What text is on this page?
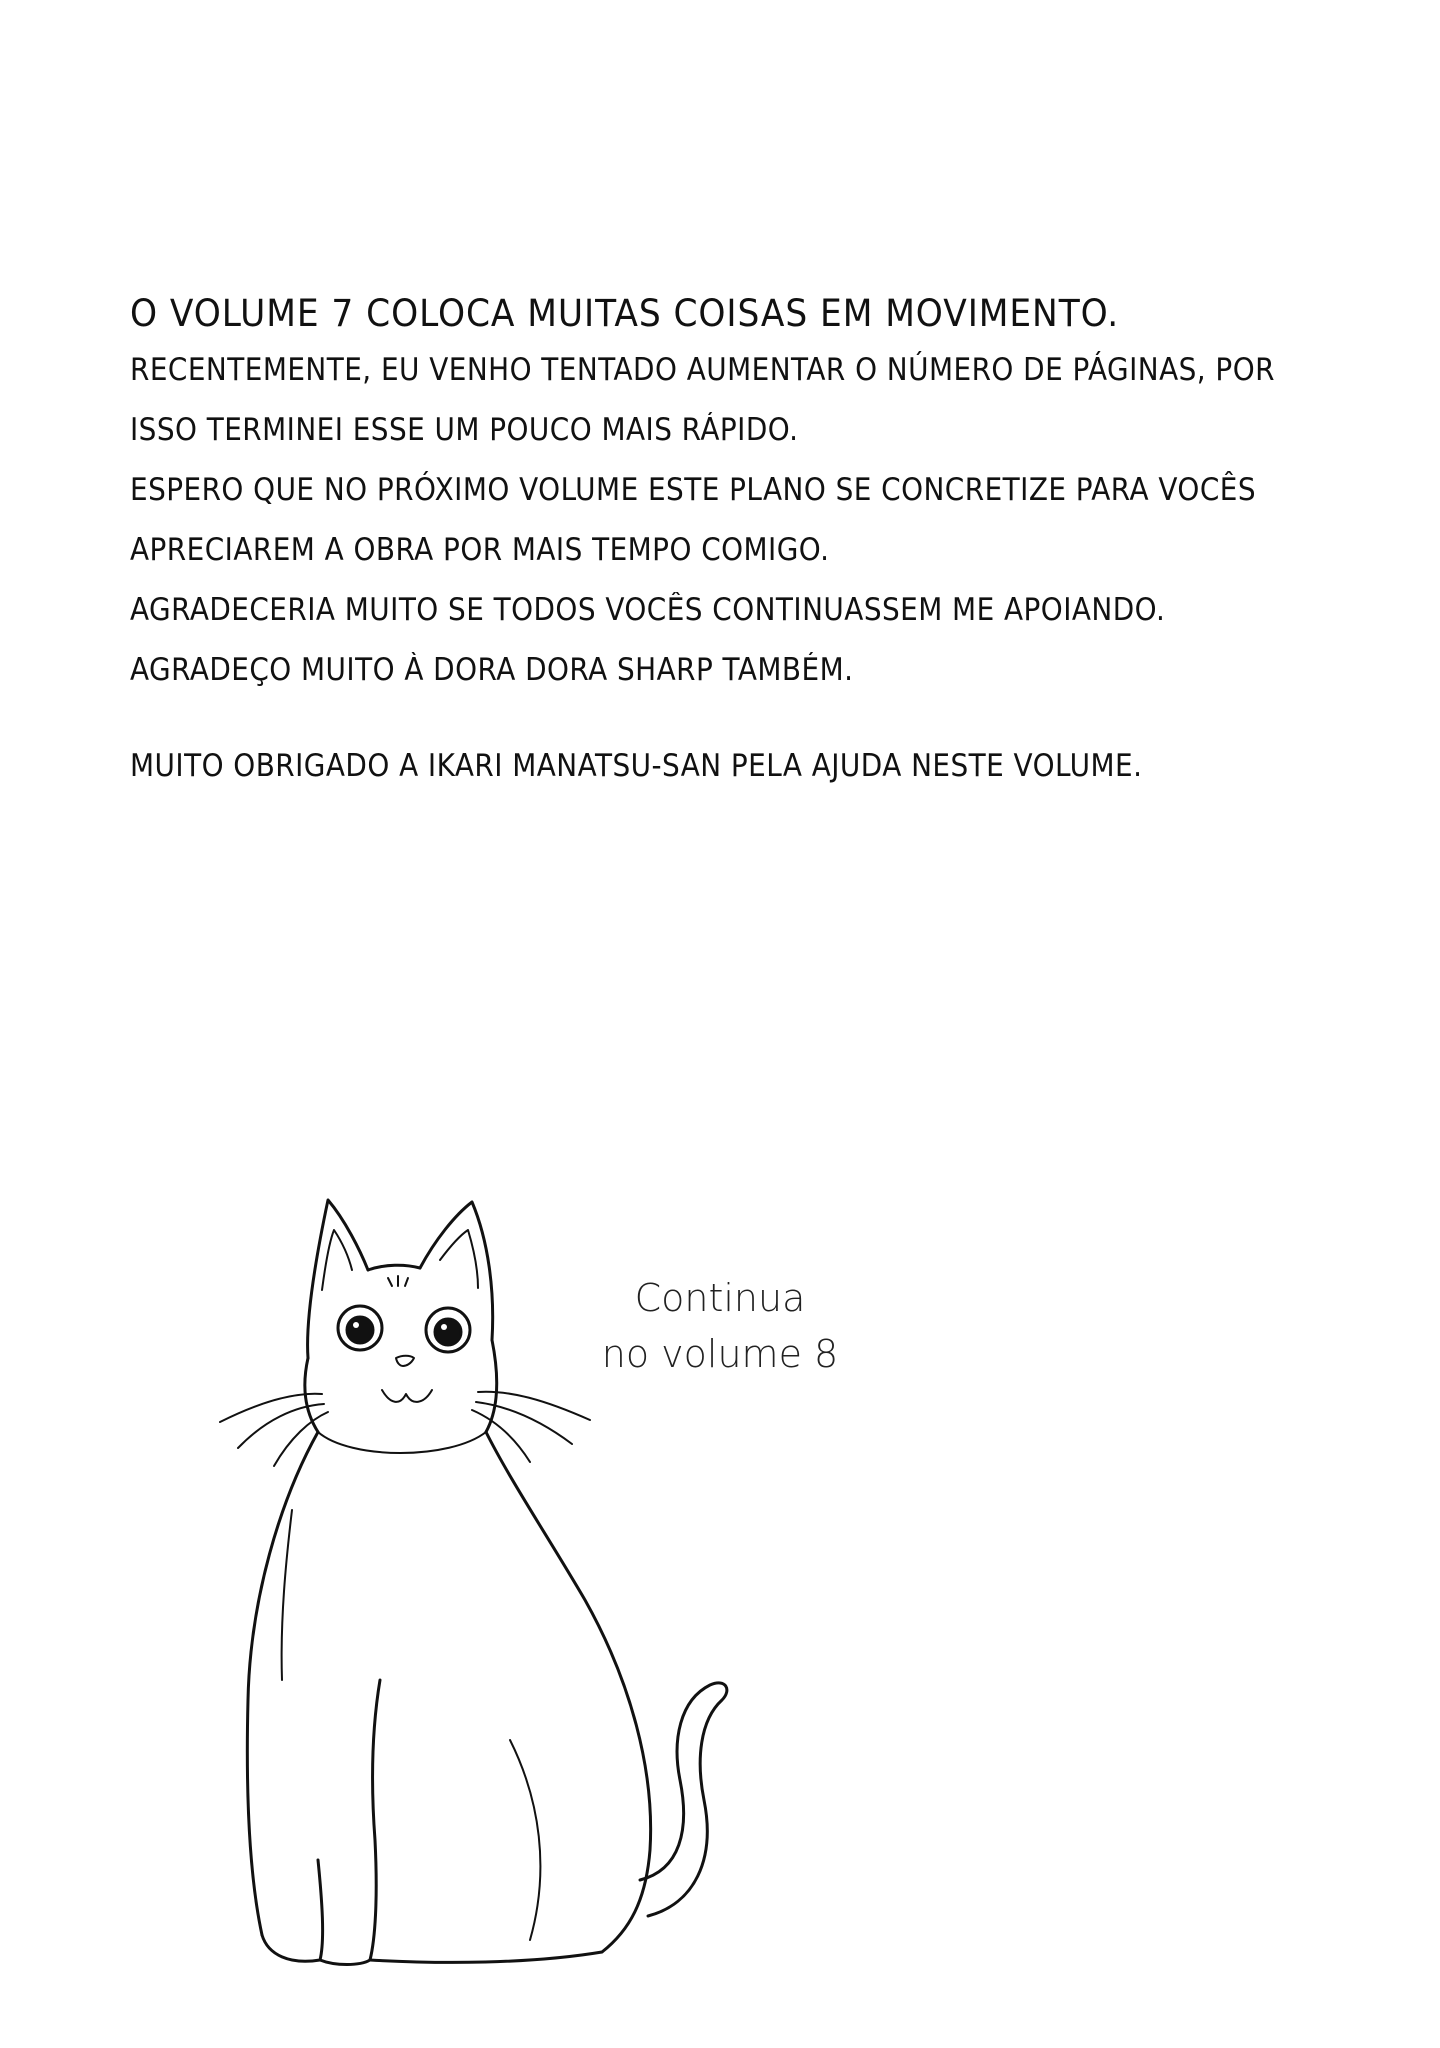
O VOLUME 7 COLOCA MUITAS COISAS EM MOVIMENTO.
RECENTEMENTE, EU VENHO TENTADO AUMENTAR O NÚMERO DE PÁGINAS, POR
ISSO TERMINEI ESSE UM POUCO MAIS RÁPIDO.
ESPERO QUE NO PRÓXIMO VOLUME ESTE PLANO SE CONCRETIZE PARA VOCÊS
APRECIAREM A OBRA POR MAIS TEMPO COMIGO.
AGRADECERIA MUITO SE TODOS VOCÊS CONTINUASSEM ME APOIANDO.
AGRADEÇO MUITO À DORA DORA SHARP TAMBÉM.
MUITO OBRIGADO A IKARI MANATSU-SAN PELA AJUDA NESTE VOLUME.
Continua
no volume 8
